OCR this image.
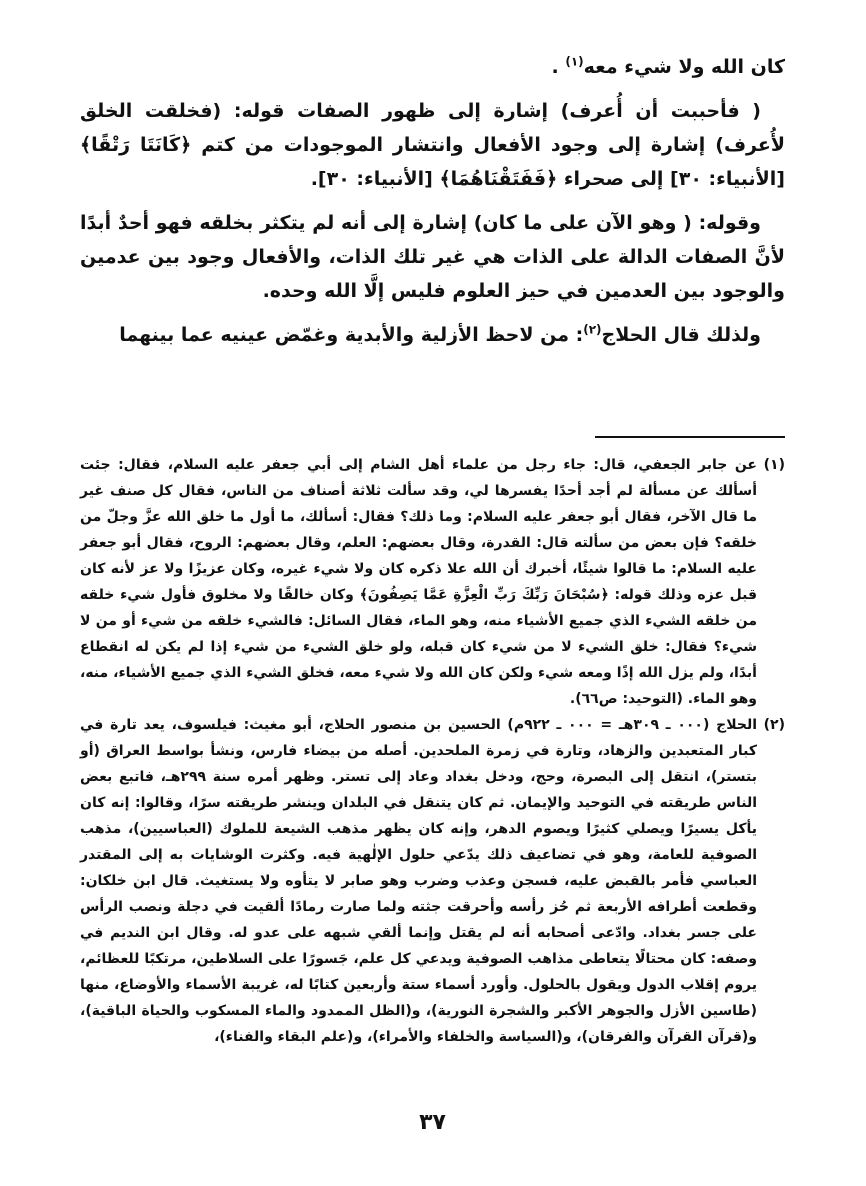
كان الله ولا شيء معه$^{(١)}$ .

( فأحببت أن أُعرف) إشارة إلى ظهور الصفات قوله: (فخلقت الخلق لأُعرف) إشارة إلى وجود الأفعال وانتشار الموجودات من كتم ﴿كَانَتَا رَتْقًا﴾ [الأنبياء: ٣٠] إلى صحراء ﴿فَفَتَقْنَاهُمَا﴾ [الأنبياء: ٣٠].

وقوله: ( وهو الآن على ما كان) إشارة إلى أنه لم يتكثر بخلقه فهو أحدٌ أبدًا لأنَّ الصفات الدالة على الذات هي غير تلك الذات، والأفعال وجود بين عدمين والوجود بين العدمين في حيز العلوم فليس إلَّا الله وحده.

ولذلك قال الحلاج$^{(٢)}$: من لاحظ الأزلية والأبدية وغمّض عينيه عما بينهما

(١)
عن جابر الجعفي، قال: جاء رجل من علماء أهل الشام إلى أبي جعفر عليه السلام، فقال: جئت أسألك عن مسألة لم أجد أحدًا يفسرها لي، وقد سألت ثلاثة أصناف من الناس، فقال كل صنف غير ما قال الآخر، فقال أبو جعفر عليه السلام: وما ذلك؟ فقال: أسألك، ما أول ما خلق الله عزَّ وجلّ من خلقه؟ فإن بعض من سألته قال: القدرة، وقال بعضهم: العلم، وقال بعضهم: الروح، فقال أبو جعفر عليه السلام: ما قالوا شيئًا، أخبرك أن الله علا ذكره كان ولا شيء غيره، وكان عزيزًا ولا عز لأنه كان قبل عزه وذلك قوله: ﴿سُبْحَانَ رَبِّكَ رَبِّ الْعِزَّةِ عَمَّا يَصِفُونَ﴾ وكان خالقًا ولا مخلوق فأول شيء خلقه من خلقه الشيء الذي جميع الأشياء منه، وهو الماء، فقال السائل: فالشيء خلقه من شيء أو من لا شيء؟ فقال: خلق الشيء لا من شيء كان قبله، ولو خلق الشيء من شيء إذا لم يكن له انقطاع أبدًا، ولم يزل الله إذًا ومعه شيء ولكن كان الله ولا شيء معه، فخلق الشيء الذي جميع الأشياء، منه، وهو الماء. (التوحيد: ص٦٦).
(٢)
الحلاج (٠٠٠ ـ ٣٠٩هـ = ٠٠٠ ـ ٩٢٢م) الحسين بن منصور الحلاج، أبو مغيث: فيلسوف، يعد تارة في كبار المتعبدين والزهاد، وتارة في زمرة الملحدين. أصله من بيضاء فارس، ونشأ بواسط العراق (أو بتستر)، انتقل إلى البصرة، وحج، ودخل بغداد وعاد إلى تستر. وظهر أمره سنة ٢٩٩هـ، فاتبع بعض الناس طريقته في التوحيد والإيمان. ثم كان يتنقل في البلدان وينشر طريقته سرًا، وقالوا: إنه كان يأكل يسيرًا ويصلي كثيرًا ويصوم الدهر، وإنه كان يظهر مذهب الشيعة للملوك (العباسيين)، مذهب الصوفية للعامة، وهو في تضاعيف ذلك يدّعي حلول الإلٰهية فيه. وكثرت الوشايات به إلى المقتدر العباسي فأمر بالقبض عليه، فسجن وعذب وضرب وهو صابر لا يتأوه ولا يستغيث. قال ابن خلكان: وقطعت أطرافه الأربعة ثم حُز رأسه وأحرقت جثته ولما صارت رمادًا ألقيت في دجلة ونصب الرأس على جسر بغداد. وادّعى أصحابه أنه لم يقتل وإنما ألقي شبهه على عدو له. وقال ابن النديم في وصفه: كان محتالًا يتعاطى مذاهب الصوفية ويدعي كل علم، جَسورًا على السلاطين، مرتكبًا للعظائم، يروم إقلاب الدول ويقول بالحلول. وأورد أسماء ستة وأربعين كتابًا له، غريبة الأسماء والأوضاع، منها (طاسين الأزل والجوهر الأكبر والشجرة النورية)، و(الظل الممدود والماء المسكوب والحياة الباقية)، و(قرآن القرآن والفرقان)، و(السياسة والخلفاء والأمراء)، و(علم البقاء والفناء)،
٣٧
